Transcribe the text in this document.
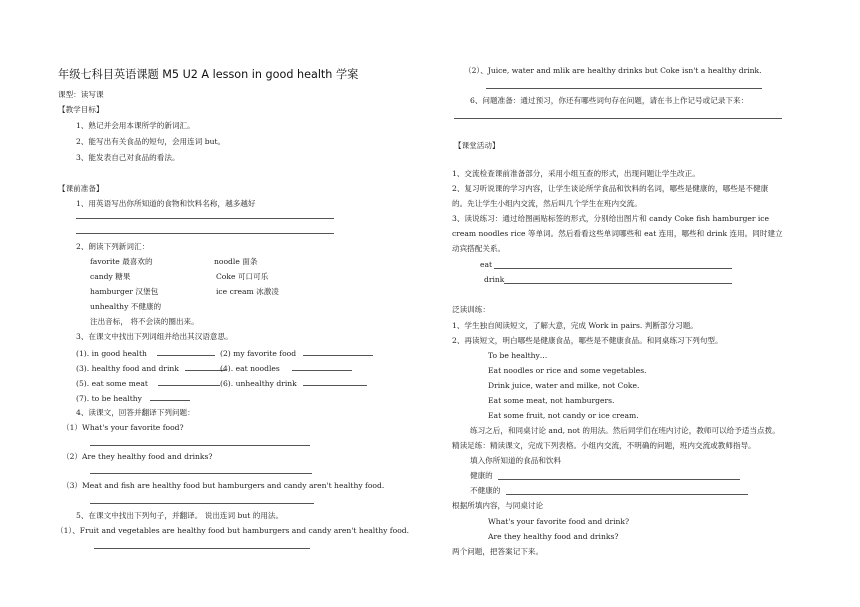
年级七科目英语课题 M5 U2 A lesson in good health 学案
课型：读写课
【教学目标】
1、熟记并会用本课所学的新词汇。
2、能写出有关食品的短句，会用连词 but。
3、能发表自己对食品的看法。
【课前准备】
1、用英语写出你所知道的食物和饮料名称，越多越好
2、朗读下列新词汇：
favorite 最喜欢的	noodle 面条
candy 糖果	Coke 可口可乐
hamburger 汉堡包	ice cream 冰激凌
unhealthy 不健康的
注出音标， 将不会读的圈出来。
3、在课文中找出下列词组并给出其汉语意思。
(1). in good health	(2) my favorite food
(3). healthy food and drink	(4). eat noodles
(5). eat some meat	(6). unhealthy drink
(7). to be healthy
4、读课文，回答并翻译下列问题：
（1）What's your favorite food?
（2）Are they healthy food and drinks?
（3）Meat and fish are healthy food but hamburgers and candy aren't healthy food.
5、在课文中找出下列句子，并翻译。 说出连词 but 的用法。
（1）、Fruit and vegetables are healthy food but hamburgers and candy aren't healthy food.
（2）、Juice, water and mlik are healthy drinks but Coke isn't a healthy drink.
6、问题准备：通过预习，你还有哪些词句存在问题，请在书上作记号或记录下来：
【课堂活动】
1、交流检查课前准备部分，采用小组互查的形式，出现问题让学生改正。
2、复习听说课的学习内容，让学生谈论所学食品和饮料的名词，哪些是健康的，哪些是不健康
的。先让学生小组内交流，然后叫几个学生在班内交流。
3、读说练习：通过给图画贴标签的形式，分别给出图片和 candy Coke fish hamburger ice
cream noodles rice 等单词。然后看看这些单词哪些和 eat 连用，哪些和 drink 连用。同时建立
动宾搭配关系。
eat
drink
泛读训练：
1、学生独自阅读短文，了解大意，完成 Work in pairs. 判断部分习题。
2、再读短文，明白哪些是健康食品，哪些是不健康食品。和同桌练习下列句型。
To be healthy…
Eat noodles or rice and some vegetables.
Drink juice, water and milke, not Coke.
Eat some meat, not hamburgers.
Eat some fruit, not candy or ice cream.
练习之后，和同桌讨论 and, not 的用法。然后同学们在班内讨论，教师可以给予适当点拨。
精读足练：精读课文，完成下列表格。小组内交流，不明确的问题，班内交流或教师指导。
填入你所知道的食品和饮料
健康的
不健康的
根据所填内容，与同桌讨论
What's your favorite food and drink?
Are they healthy food and drinks?
两个问题，把答案记下来。
